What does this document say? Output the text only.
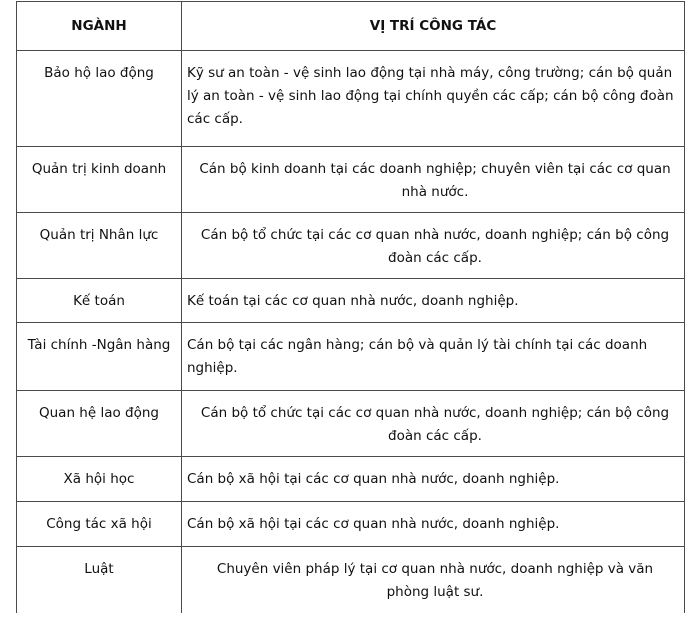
NGÀNH	VỊ TRÍ CÔNG TÁC
Bảo hộ lao động	Kỹ sư an toàn - vệ sinh lao động tại nhà máy, công trường; cán bộ quản lý an toàn - vệ sinh lao động tại chính quyền các cấp; cán bộ công đoàn các cấp.
Quản trị kinh doanh	Cán bộ kinh doanh tại các doanh nghiệp; chuyên viên tại các cơ quan nhà nước.
Quản trị Nhân lực	Cán bộ tổ chức tại các cơ quan nhà nước, doanh nghiệp; cán bộ công đoàn các cấp.
Kế toán	Kế toán tại các cơ quan nhà nước, doanh nghiệp.
Tài chính -Ngân hàng	Cán bộ tại các ngân hàng; cán bộ và quản lý tài chính tại các doanh nghiệp.
Quan hệ lao động	Cán bộ tổ chức tại các cơ quan nhà nước, doanh nghiệp; cán bộ công đoàn các cấp.
Xã hội học	Cán bộ xã hội tại các cơ quan nhà nước, doanh nghiệp.
Công tác xã hội	Cán bộ xã hội tại các cơ quan nhà nước, doanh nghiệp.
Luật	Chuyên viên pháp lý tại cơ quan nhà nước, doanh nghiệp và văn phòng luật sư.
